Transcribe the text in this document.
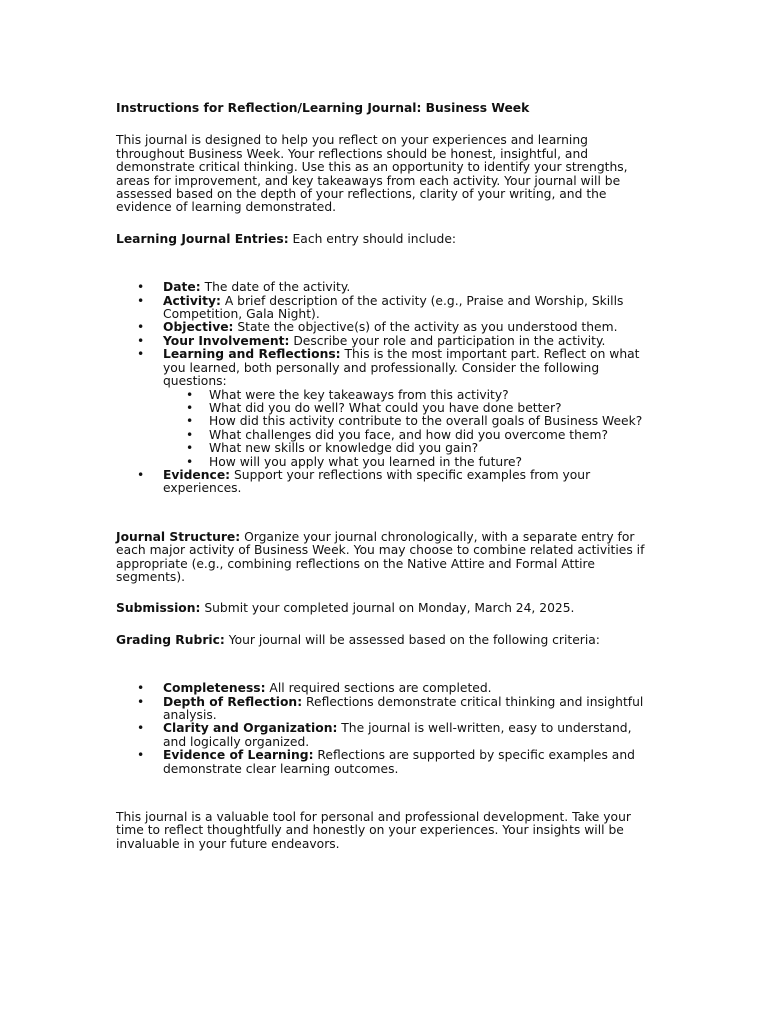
Instructions for Reflection/Learning Journal: Business Week

This journal is designed to help you reflect on your experiences and learning throughout Business Week. Your reflections should be honest, insightful, and demonstrate critical thinking. Use this as an opportunity to identify your strengths, areas for improvement, and key takeaways from each activity. Your journal will be assessed based on the depth of your reflections, clarity of your writing, and the evidence of learning demonstrated.

Learning Journal Entries: Each entry should include:

• Date: The date of the activity.
• Activity: A brief description of the activity (e.g., Praise and Worship, Skills Competition, Gala Night).
• Objective: State the objective(s) of the activity as you understood them.
• Your Involvement: Describe your role and participation in the activity.
• Learning and Reflections: This is the most important part. Reflect on what you learned, both personally and professionally. Consider the following questions:
• What were the key takeaways from this activity?
• What did you do well? What could you have done better?
• How did this activity contribute to the overall goals of Business Week?
• What challenges did you face, and how did you overcome them?
• What new skills or knowledge did you gain?
• How will you apply what you learned in the future?
• Evidence: Support your reflections with specific examples from your experiences.

Journal Structure: Organize your journal chronologically, with a separate entry for each major activity of Business Week. You may choose to combine related activities if appropriate (e.g., combining reflections on the Native Attire and Formal Attire segments).

Submission: Submit your completed journal on Monday, March 24, 2025.

Grading Rubric: Your journal will be assessed based on the following criteria:

• Completeness: All required sections are completed.
• Depth of Reflection: Reflections demonstrate critical thinking and insightful analysis.
• Clarity and Organization: The journal is well-written, easy to understand, and logically organized.
• Evidence of Learning: Reflections are supported by specific examples and demonstrate clear learning outcomes.

This journal is a valuable tool for personal and professional development. Take your time to reflect thoughtfully and honestly on your experiences. Your insights will be invaluable in your future endeavors.
